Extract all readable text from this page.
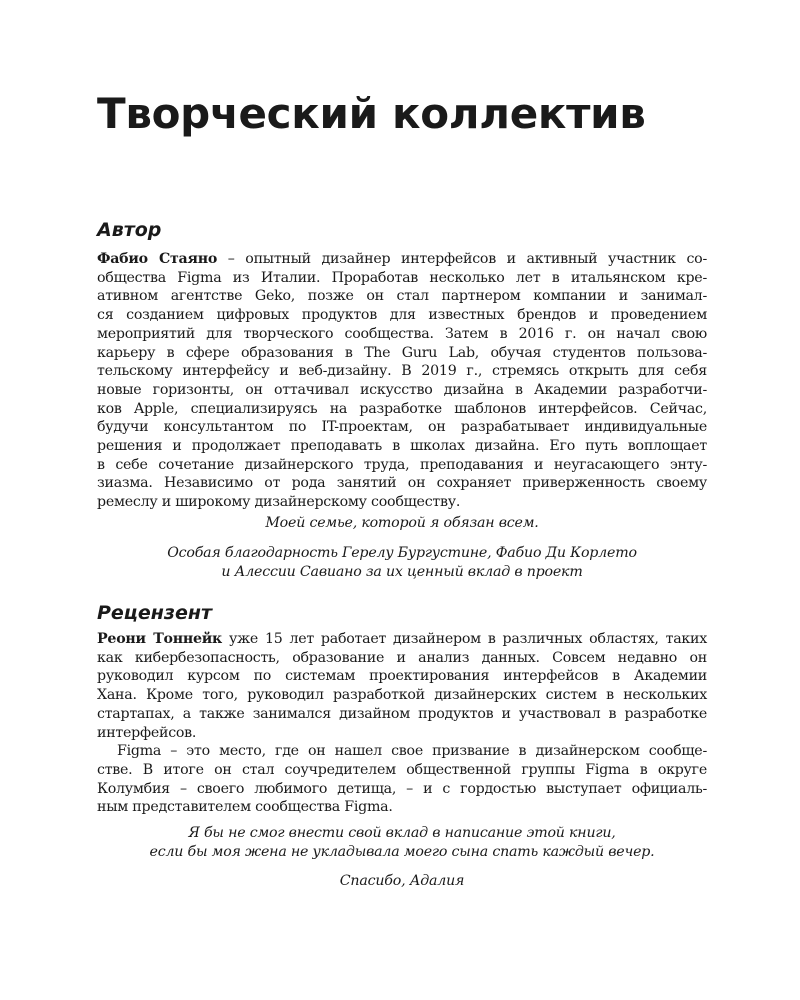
Творческий коллектив
Автор
Фабио Стаяно – опытный дизайнер интерфейсов и активный участник со-
общества Figma из Италии. Проработав несколько лет в итальянском кре-
ативном агентстве Geko, позже он стал партнером компании и занимал-
ся созданием цифровых продуктов для известных брендов и проведением
мероприятий для творческого сообщества. Затем в 2016 г. он начал свою
карьеру в сфере образования в The Guru Lab, обучая студентов пользова-
тельскому интерфейсу и веб-дизайну. В 2019 г., стремясь открыть для себя
новые горизонты, он оттачивал искусство дизайна в Академии разработчи-
ков Apple, специализируясь на разработке шаблонов интерфейсов. Сейчас,
будучи консультантом по IT-проектам, он разрабатывает индивидуальные
решения и продолжает преподавать в школах дизайна. Его путь воплощает
в себе сочетание дизайнерского труда, преподавания и неугасающего энту-
зиазма. Независимо от рода занятий он сохраняет приверженность своему
ремеслу и широкому дизайнерскому сообществу.
Моей семье, которой я обязан всем.
Особая благодарность Герелу Бургустине, Фабио Ди Корлето
и Алессии Савиано за их ценный вклад в проект
Рецензент
Реони Тоннейк уже 15 лет работает дизайнером в различных областях, таких
как кибербезопасность, образование и анализ данных. Совсем недавно он
руководил курсом по системам проектирования интерфейсов в Академии
Хана. Кроме того, руководил разработкой дизайнерских систем в нескольких
стартапах, а также занимался дизайном продуктов и участвовал в разработке
интерфейсов.
Figma – это место, где он нашел свое призвание в дизайнерском сообще-
стве. В итоге он стал соучредителем общественной группы Figma в округе
Колумбия – своего любимого детища, – и с гордостью выступает официаль-
ным представителем сообщества Figma.
Я бы не смог внести свой вклад в написание этой книги,
если бы моя жена не укладывала моего сына спать каждый вечер.
Спасибо, Адалия
